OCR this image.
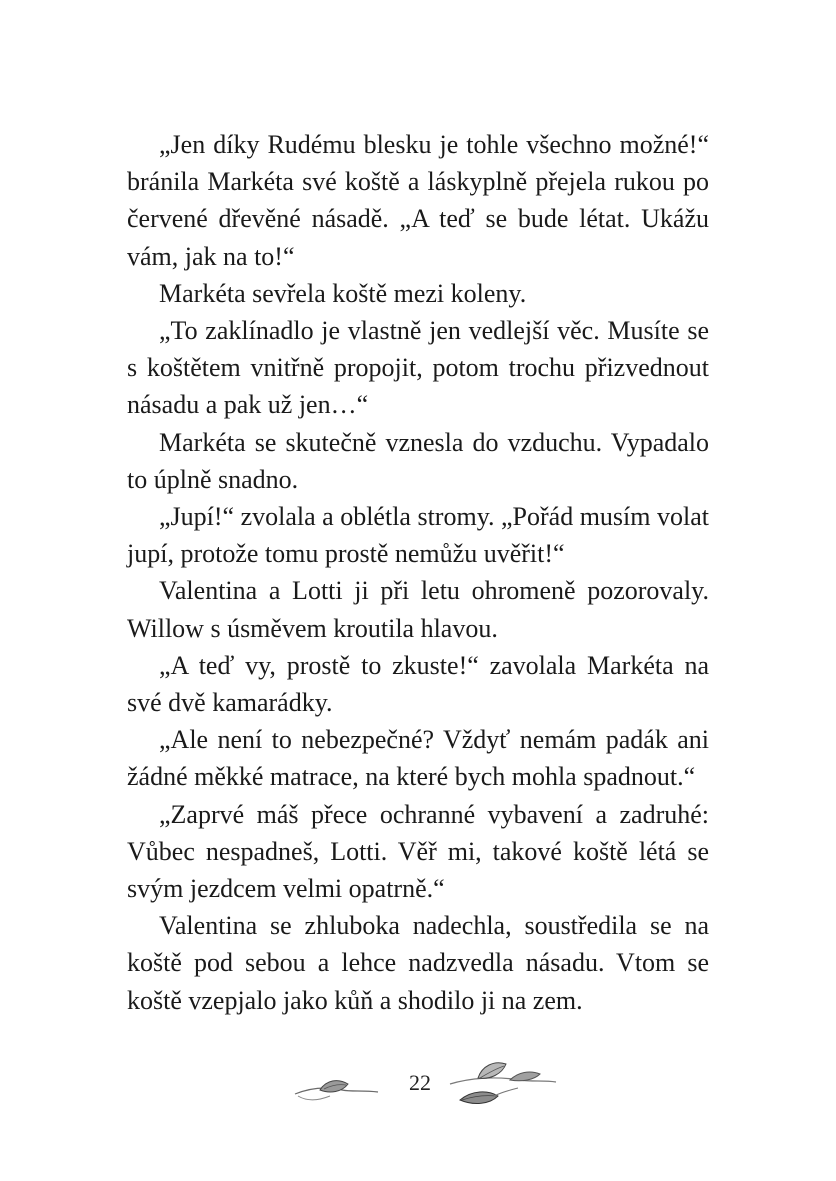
„Jen díky Rudému blesku je tohle všechno možné!“ bránila Markéta své koště a láskyplně přejela rukou po červené dřevěné násadě. „A teď se bude létat. Ukážu vám, jak na to!“

Markéta sevřela koště mezi koleny.

„To zaklínadlo je vlastně jen vedlejší věc. Musíte se s koštětem vnitřně propojit, potom trochu přizvednout násadu a pak už jen…“

Markéta se skutečně vznesla do vzduchu. Vypadalo to úplně snadno.

„Jupí!“ zvolala a oblétla stromy. „Pořád musím volat jupí, protože tomu prostě nemůžu uvěřit!“

Valentina a Lotti ji při letu ohromeně pozorovaly. Willow s úsměvem kroutila hlavou.

„A teď vy, prostě to zkuste!“ zavolala Markéta na své dvě kamarádky.

„Ale není to nebezpečné? Vždyť nemám padák ani žádné měkké matrace, na které bych mohla spadnout.“

„Zaprvé máš přece ochranné vybavení a zadruhé: Vůbec nespadneš, Lotti. Věř mi, takové koště létá se svým jezdcem velmi opatrně.“

Valentina se zhluboka nadechla, soustředila se na koště pod sebou a lehce nadzvedla násadu. Vtom se koště vzepjalo jako kůň a shodilo ji na zem.

22
